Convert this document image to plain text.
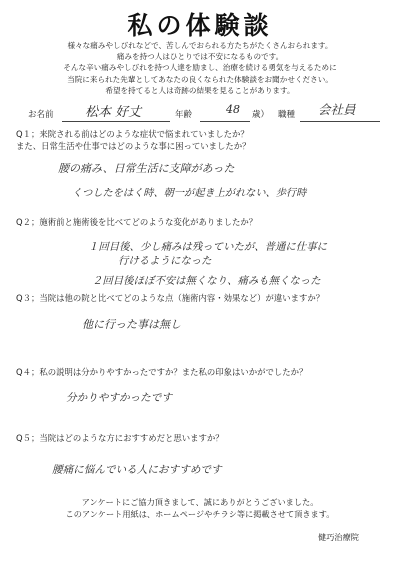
私の体験談
様々な痛みやしびれなどで、苦しんでおられる方たちがたくさんおられます。
痛みを持つ人はひとりでは不安になるものです。
そんな辛い痛みやしびれを持つ人達を励まし、治療を続ける勇気を与えるために
当院に来られた先輩としてあなたの良くなられた体験談をお聞かせください。
希望を持てると人は奇跡の結果を見ることがあります。
お名前 松本 好丈	年齢	48 歳） 職種 会社員
Q１；来院される前はどのような症状で悩まれていましたか？
また、日常生活や仕事ではどのような事に困っていましたか？
腰の痛み、日常生活に支障があった
くつしたをはく時、朝一が起き上がれない、歩行時
Q２；施術前と施術後を比べてどのような変化がありましたか？
１回目後、少し痛みは残っていたが、普通に仕事に
行けるようになった
２回目後ほぼ不安は無くなり、痛みも無くなった
Q３；当院は他の院と比べてどのような点（施術内容・効果など）が違いますか？
他に行った事は無し
Q４；私の説明は分かりやすかったですか？また私の印象はいかがでしたか？
分かりやすかったです
Q５；当院はどのような方におすすめだと思いますか？
腰痛に悩んでいる人におすすめです
アンケートにご協力頂きまして、誠にありがとうございました。
このアンケート用紙は、ホームページやチラシ等に掲載させて頂きます。
健巧治療院
